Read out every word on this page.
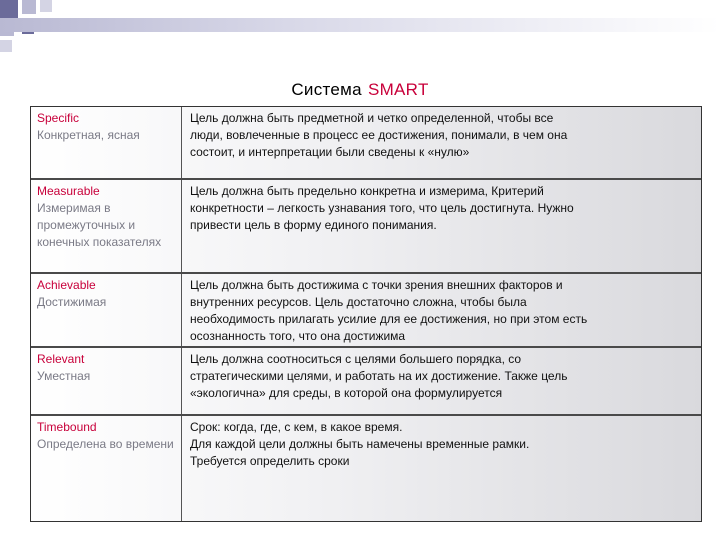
Система SMART
Specific
Конкретная, ясная
Цель должна быть предметной и четко определенной, чтобы все
люди, вовлеченные в процесс ее достижения, понимали, в чем она
состоит, и интерпретации были сведены к «нулю»
Measurable
Измеримая в промежуточных и конечных показателях
Цель должна быть предельно конкретна и измерима, Критерий
конкретности – легкость узнавания того, что цель достигнута. Нужно
привести цель в форму единого понимания.
Achievable
Достижимая
Цель должна быть достижима с точки зрения внешних факторов и
внутренних ресурсов. Цель достаточно сложна, чтобы была
необходимость прилагать усилие для ее достижения, но при этом есть
осознанность того, что она достижима
Relevant
Уместная
Цель должна соотноситься с целями большего порядка, со
стратегическими целями, и работать на их достижение. Также цель
«экологична» для среды, в которой она формулируется
Timebound
Определена во времени
Срок: когда, где, с кем, в какое время.
Для каждой цели должны быть намечены временные рамки.
Требуется определить сроки
